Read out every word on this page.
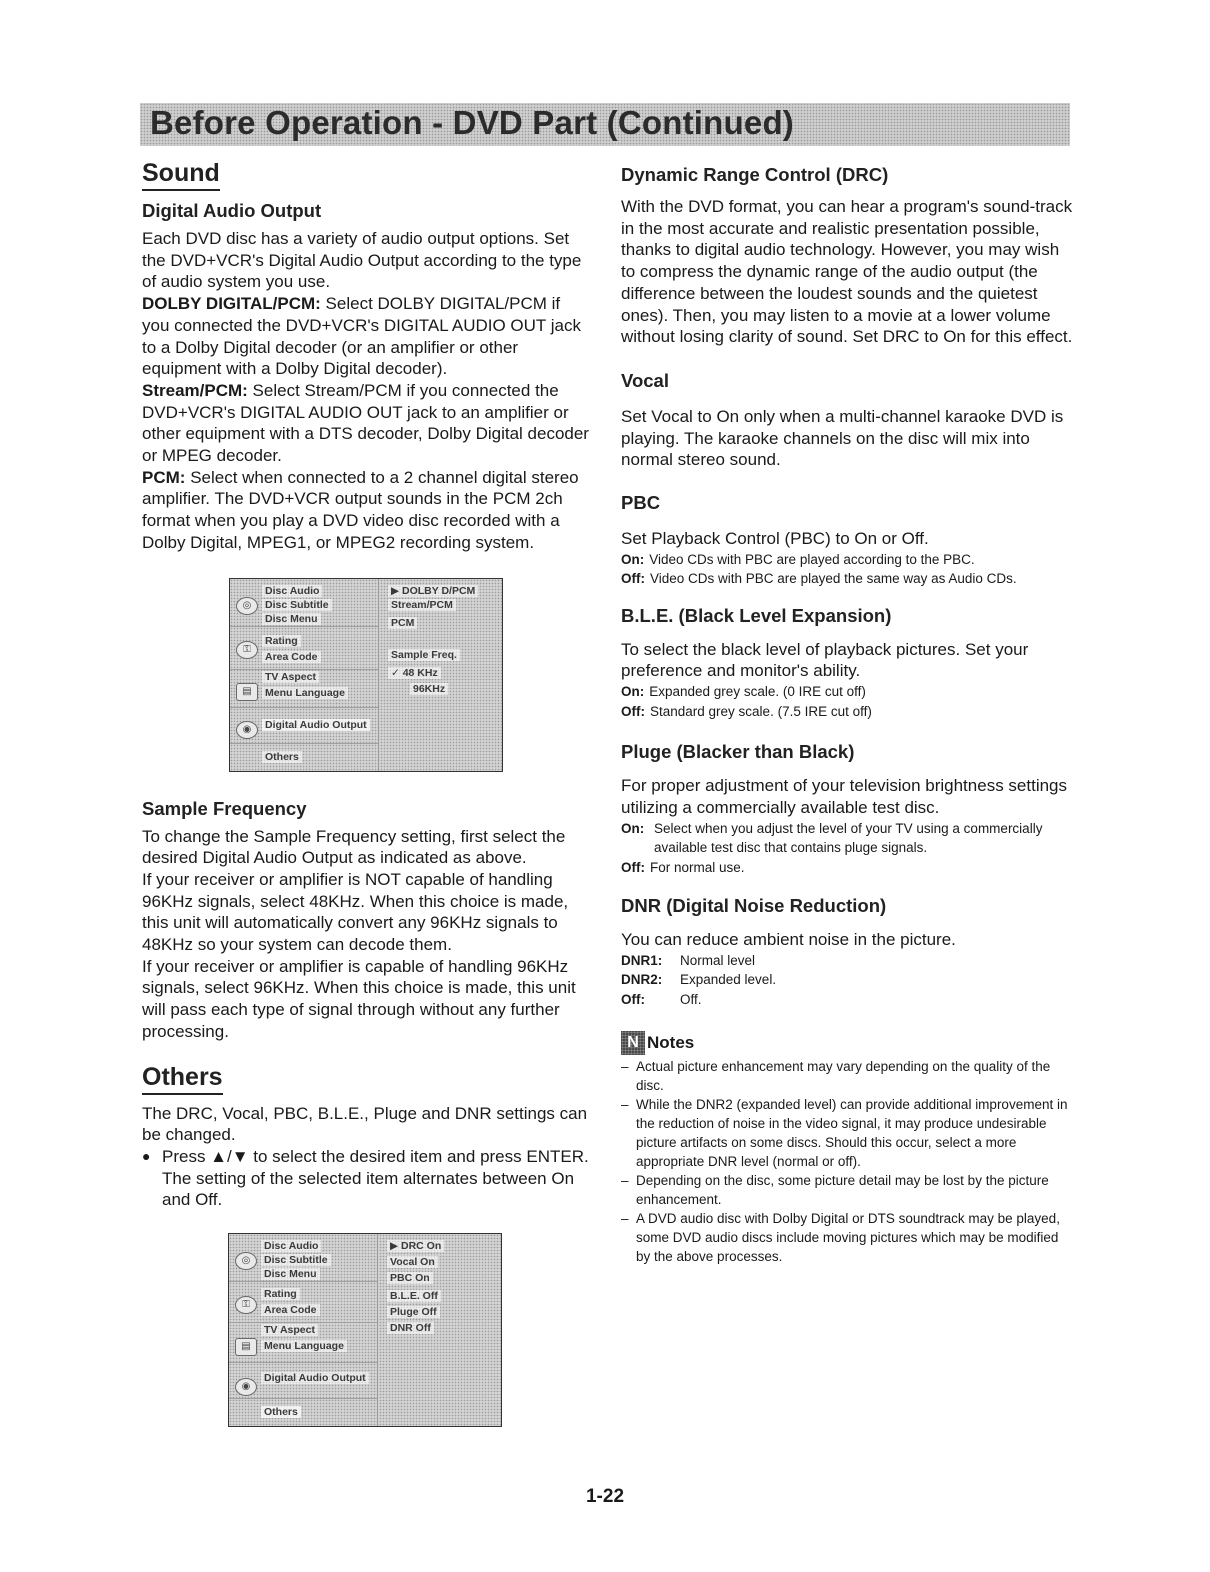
Before Operation - DVD Part (Continued)
Sound
Digital Audio Output

Each DVD disc has a variety of audio output options. Set the DVD+VCR's Digital Audio Output according to the type of audio system you use.

DOLBY DIGITAL/PCM: Select DOLBY DIGITAL/PCM if you connected the DVD+VCR's DIGITAL AUDIO OUT jack to a Dolby Digital decoder (or an amplifier or other equipment with a Dolby Digital decoder).

Stream/PCM: Select Stream/PCM if you connected the DVD+VCR's DIGITAL AUDIO OUT jack to an amplifier or other equipment with a DTS decoder, Dolby Digital decoder or MPEG decoder.

PCM: Select when connected to a 2 channel digital stereo amplifier. The DVD+VCR output sounds in the PCM 2ch format when you play a DVD video disc recorded with a Dolby Digital, MPEG1, or MPEG2 recording system.

◎
⚿
▤
◉
Disc Audio
Disc Subtitle
Disc Menu
Rating
Area Code
TV Aspect
Menu Language
Digital Audio Output
Others
▶ DOLBY D/PCM
Stream/PCM
PCM
Sample Freq.
✓ 48 KHz
96KHz
Sample Frequency

To change the Sample Frequency setting, first select the desired Digital Audio Output as indicated as above.

If your receiver or amplifier is NOT capable of handling 96KHz signals, select 48KHz. When this choice is made, this unit will automatically convert any 96KHz signals to 48KHz so your system can decode them.

If your receiver or amplifier is capable of handling 96KHz signals, select 96KHz. When this choice is made, this unit will pass each type of signal through without any further processing.

Others

The DRC, Vocal, PBC, B.L.E., Pluge and DNR settings can be changed.

● Press ▲/▼ to select the desired item and press ENTER. The setting of the selected item alternates between On and Off.
◎
⚿
▤
◉
Disc Audio
Disc Subtitle
Disc Menu
Rating
Area Code
TV Aspect
Menu Language
Digital Audio Output
Others
▶ DRC On
Vocal On
PBC On
B.L.E. Off
Pluge Off
DNR Off
Dynamic Range Control (DRC)

With the DVD format, you can hear a program's sound-track in the most accurate and realistic presentation possible, thanks to digital audio technology. However, you may wish to compress the dynamic range of the audio output (the difference between the loudest sounds and the quietest ones). Then, you may listen to a movie at a lower volume without losing clarity of sound. Set DRC to On for this effect.

Vocal

Set Vocal to On only when a multi-channel karaoke DVD is playing. The karaoke channels on the disc will mix into normal stereo sound.

PBC

Set Playback Control (PBC) to On or Off.

On: Video CDs with PBC are played according to the PBC.
Off: Video CDs with PBC are played the same way as Audio CDs.
B.L.E. (Black Level Expansion)

To select the black level of playback pictures. Set your preference and monitor's ability.

On: Expanded grey scale. (0 IRE cut off)
Off: Standard grey scale. (7.5 IRE cut off)
Pluge (Blacker than Black)

For proper adjustment of your television brightness settings utilizing a commercially available test disc.

On: Select when you adjust the level of your TV using a commercially available test disc that contains pluge signals.
Off: For normal use.
DNR (Digital Noise Reduction)

You can reduce ambient noise in the picture.

DNR1:	Normal level
DNR2:	Expanded level.
Off:	Off.
N Notes
– Actual picture enhancement may vary depending on the quality of the disc.
– While the DNR2 (expanded level) can provide additional improvement in the reduction of noise in the video signal, it may produce undesirable picture artifacts on some discs. Should this occur, select a more appropriate DNR level (normal or off).
– Depending on the disc, some picture detail may be lost by the picture enhancement.
– A DVD audio disc with Dolby Digital or DTS soundtrack may be played, some DVD audio discs include moving pictures which may be modified by the above processes.
1-22
